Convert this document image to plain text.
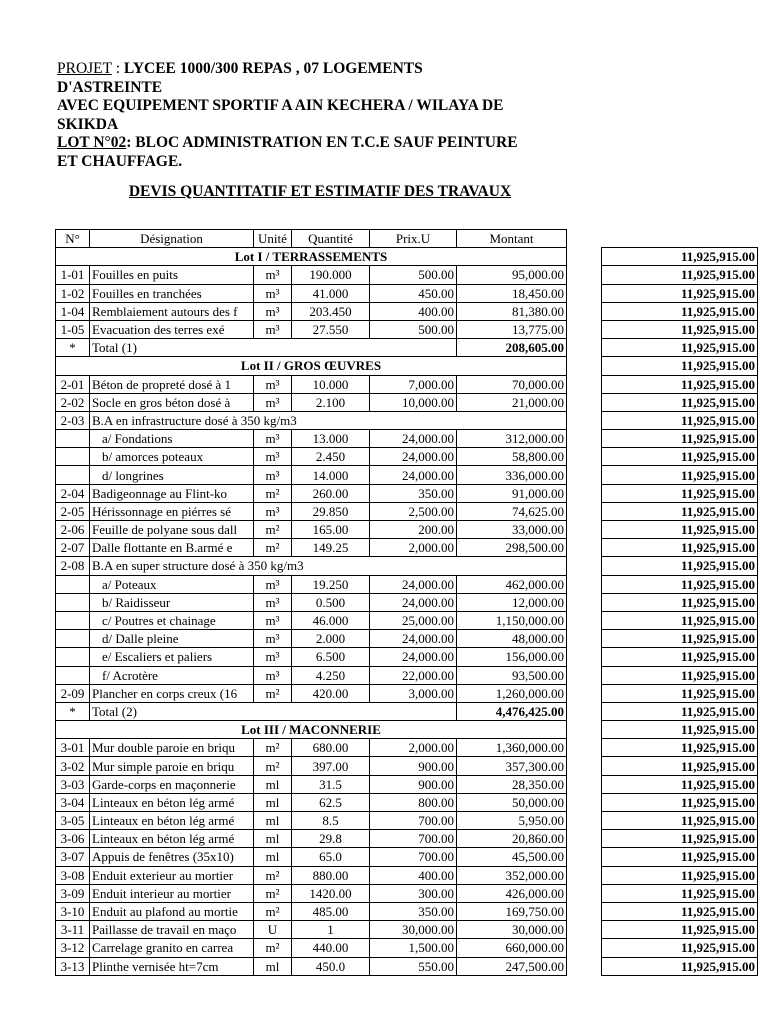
PROJET : LYCEE 1000/300 REPAS , 07 LOGEMENTS
D'ASTREINTE
AVEC EQUIPEMENT SPORTIF A AIN KECHERA / WILAYA DE
SKIKDA
LOT N°02: BLOC ADMINISTRATION EN T.C.E SAUF PEINTURE
ET CHAUFFAGE.
DEVIS QUANTITATIF ET ESTIMATIF DES TRAVAUX
N°	Désignation	Unité	Quantité	Prix.U	Montant		
Lot I / TERRASSEMENTS							11,925,915.00
1-01	Fouilles en puits	m³	190.000	500.00	95,000.00		11,925,915.00
1-02	Fouilles en tranchées	m³	41.000	450.00	18,450.00		11,925,915.00
1-04	Remblaiement autours des f	m³	203.450	400.00	81,380.00		11,925,915.00
1-05	Evacuation des terres exé	m³	27.550	500.00	13,775.00		11,925,915.00
*	Total (1)				208,605.00		11,925,915.00
Lot II / GROS ŒUVRES							11,925,915.00
2-01	Béton de propreté dosé à 1	m³	10.000	7,000.00	70,000.00		11,925,915.00
2-02	Socle en gros béton dosé à	m³	2.100	10,000.00	21,000.00		11,925,915.00
2-03	B.A en infrastructure dosé à 350 kg/m3						11,925,915.00
	a/ Fondations	m³	13.000	24,000.00	312,000.00		11,925,915.00
	b/ amorces poteaux	m³	2.450	24,000.00	58,800.00		11,925,915.00
	d/ longrines	m³	14.000	24,000.00	336,000.00		11,925,915.00
2-04	Badigeonnage au Flint-ko	m²	260.00	350.00	91,000.00		11,925,915.00
2-05	Hérissonnage en piérres sé	m³	29.850	2,500.00	74,625.00		11,925,915.00
2-06	Feuille de polyane sous dall	m²	165.00	200.00	33,000.00		11,925,915.00
2-07	Dalle flottante en B.armé e	m²	149.25	2,000.00	298,500.00		11,925,915.00
2-08	B.A en super structure dosé à 350 kg/m3						11,925,915.00
	a/ Poteaux	m³	19.250	24,000.00	462,000.00		11,925,915.00
	b/ Raidisseur	m³	0.500	24,000.00	12,000.00		11,925,915.00
	c/ Poutres et chainage	m³	46.000	25,000.00	1,150,000.00		11,925,915.00
	d/ Dalle pleine	m³	2.000	24,000.00	48,000.00		11,925,915.00
	e/ Escaliers et paliers	m³	6.500	24,000.00	156,000.00		11,925,915.00
	f/ Acrotère	m³	4.250	22,000.00	93,500.00		11,925,915.00
2-09	Plancher en corps creux (16	m²	420.00	3,000.00	1,260,000.00		11,925,915.00
*	Total (2)				4,476,425.00		11,925,915.00
Lot III / MACONNERIE							11,925,915.00
3-01	Mur double paroie en briqu	m²	680.00	2,000.00	1,360,000.00		11,925,915.00
3-02	Mur simple paroie en briqu	m²	397.00	900.00	357,300.00		11,925,915.00
3-03	Garde-corps en maçonnerie	ml	31.5	900.00	28,350.00		11,925,915.00
3-04	Linteaux en béton lég armé	ml	62.5	800.00	50,000.00		11,925,915.00
3-05	Linteaux en béton lég armé	ml	8.5	700.00	5,950.00		11,925,915.00
3-06	Linteaux en béton lég armé	ml	29.8	700.00	20,860.00		11,925,915.00
3-07	Appuis de fenêtres (35x10)	ml	65.0	700.00	45,500.00		11,925,915.00
3-08	Enduit exterieur au mortier	m²	880.00	400.00	352,000.00		11,925,915.00
3-09	Enduit interieur au mortier	m²	1420.00	300.00	426,000.00		11,925,915.00
3-10	Enduit au plafond au mortie	m²	485.00	350.00	169,750.00		11,925,915.00
3-11	Paillasse de travail en maço	U	1	30,000.00	30,000.00		11,925,915.00
3-12	Carrelage granito en carrea	m²	440.00	1,500.00	660,000.00		11,925,915.00
3-13	Plinthe vernisée ht=7cm	ml	450.0	550.00	247,500.00		11,925,915.00
